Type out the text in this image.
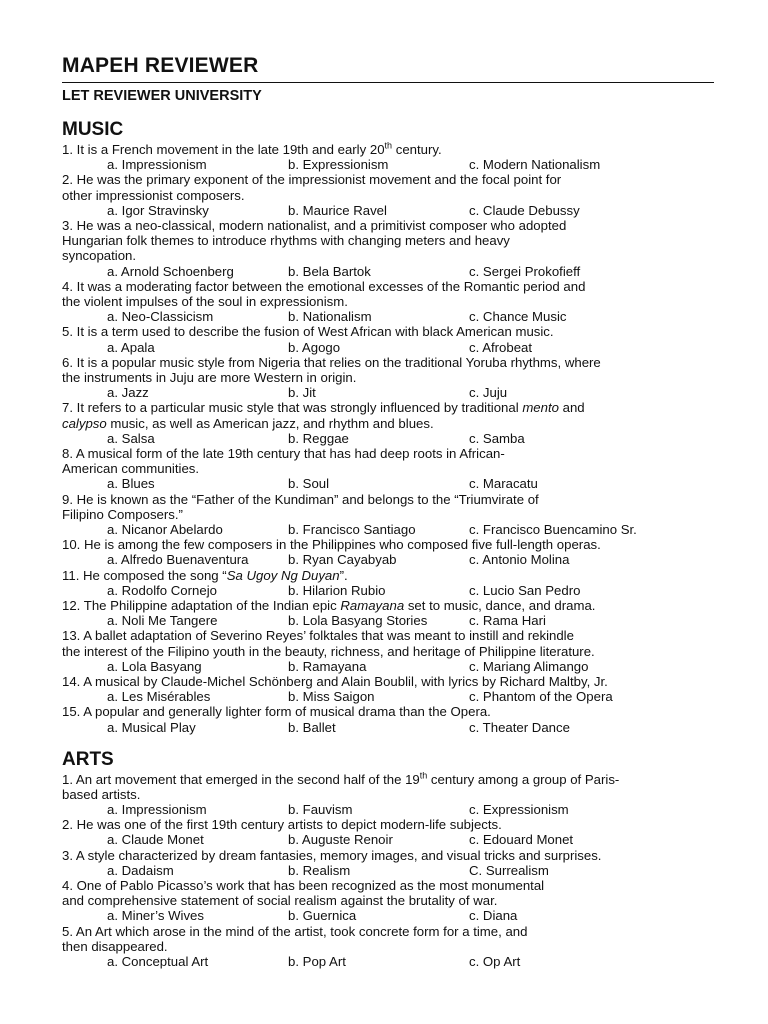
MAPEH REVIEWER
LET REVIEWER UNIVERSITY
MUSIC
1. It is a French movement in the late 19th and early 20th century.
a. Impressionism	b. Expressionism	c. Modern Nationalism
2. He was the primary exponent of the impressionist movement and the focal point for
other impressionist composers.
a. Igor Stravinsky	b. Maurice Ravel	c. Claude Debussy
3. He was a neo-classical, modern nationalist, and a primitivist composer who adopted
Hungarian folk themes to introduce rhythms with changing meters and heavy
syncopation.
a. Arnold Schoenberg	b. Bela Bartok	c. Sergei Prokofieff
4. It was a moderating factor between the emotional excesses of the Romantic period and
the violent impulses of the soul in expressionism.
a. Neo-Classicism	b. Nationalism	c. Chance Music
5. It is a term used to describe the fusion of West African with black American music.
a. Apala	b. Agogo	c. Afrobeat
6. It is a popular music style from Nigeria that relies on the traditional Yoruba rhythms, where
the instruments in Juju are more Western in origin.
a. Jazz	b. Jit	c. Juju
7. It refers to a particular music style that was strongly influenced by traditional mento and
calypso music, as well as American jazz, and rhythm and blues.
a. Salsa	b. Reggae	c. Samba
8. A musical form of the late 19th century that has had deep roots in African-
American communities.
a. Blues	b. Soul	c. Maracatu
9. He is known as the “Father of the Kundiman” and belongs to the “Triumvirate of
Filipino Composers.”
a. Nicanor Abelardo	b. Francisco Santiago	c. Francisco Buencamino Sr.
10. He is among the few composers in the Philippines who composed five full-length operas.
a. Alfredo Buenaventura	b. Ryan Cayabyab	c. Antonio Molina
11. He composed the song “Sa Ugoy Ng Duyan”.
a. Rodolfo Cornejo	b. Hilarion Rubio	c. Lucio San Pedro
12. The Philippine adaptation of the Indian epic Ramayana set to music, dance, and drama.
a. Noli Me Tangere	b. Lola Basyang Stories	c. Rama Hari
13. A ballet adaptation of Severino Reyes’ folktales that was meant to instill and rekindle
the interest of the Filipino youth in the beauty, richness, and heritage of Philippine literature.
a. Lola Basyang	b. Ramayana	c. Mariang Alimango
14. A musical by Claude-Michel Schönberg and Alain Boublil, with lyrics by Richard Maltby, Jr.
a. Les Misérables	b. Miss Saigon	c. Phantom of the Opera
15. A popular and generally lighter form of musical drama than the Opera.
a. Musical Play	b. Ballet	c. Theater Dance
ARTS
1. An art movement that emerged in the second half of the 19th century among a group of Paris-
based artists.
a. Impressionism	b. Fauvism	c. Expressionism
2. He was one of the first 19th century artists to depict modern-life subjects.
a. Claude Monet	b. Auguste Renoir	c. Edouard Monet
3. A style characterized by dream fantasies, memory images, and visual tricks and surprises.
a. Dadaism	b. Realism	C. Surrealism
4. One of Pablo Picasso’s work that has been recognized as the most monumental
and comprehensive statement of social realism against the brutality of war.
a. Miner’s Wives	b. Guernica	c. Diana
5. An Art which arose in the mind of the artist, took concrete form for a time, and
then disappeared.
a. Conceptual Art	b. Pop Art	c. Op Art
